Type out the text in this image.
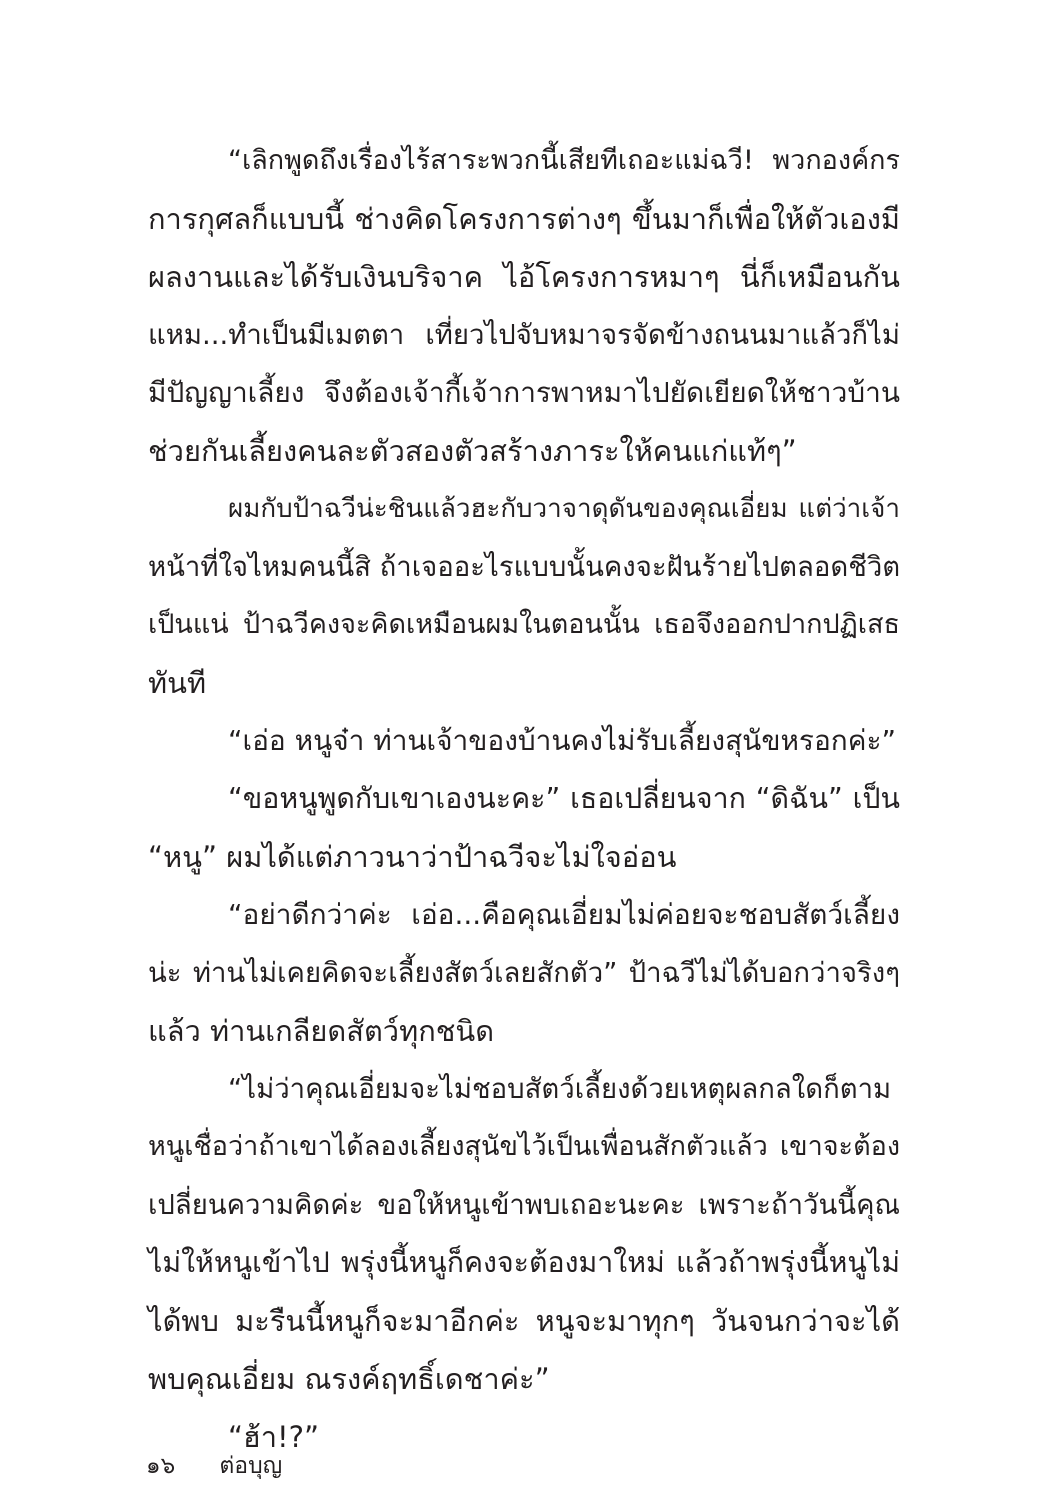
“เลิกพูดถึงเรื่องไร้สาระพวกนี้เสียทีเถอะแม่ฉวี! พวกองค์กร
การกุศลก็แบบนี้ ช่างคิดโครงการต่างๆ ขึ้นมาก็เพื่อให้ตัวเองมี
ผลงานและได้รับเงินบริจาค ไอ้โครงการหมาๆ นี่ก็เหมือนกัน
แหม...ทำเป็นมีเมตตา เที่ยวไปจับหมาจรจัดข้างถนนมาแล้วก็ไม่
มีปัญญาเลี้ยง จึงต้องเจ้ากี้เจ้าการพาหมาไปยัดเยียดให้ชาวบ้าน
ช่วยกันเลี้ยงคนละตัวสองตัวสร้างภาระให้คนแก่แท้ๆ”
ผมกับป้าฉวีน่ะชินแล้วฮะกับวาจาดุดันของคุณเอี่ยม แต่ว่าเจ้า
หน้าที่ใจไหมคนนี้สิ ถ้าเจออะไรแบบนั้นคงจะฝันร้ายไปตลอดชีวิต
เป็นแน่ ป้าฉวีคงจะคิดเหมือนผมในตอนนั้น เธอจึงออกปากปฏิเสธ
ทันที
“เอ่อ หนูจ๋า ท่านเจ้าของบ้านคงไม่รับเลี้ยงสุนัขหรอกค่ะ”
“ขอหนูพูดกับเขาเองนะคะ” เธอเปลี่ยนจาก “ดิฉัน” เป็น
“หนู” ผมได้แต่ภาวนาว่าป้าฉวีจะไม่ใจอ่อน
“อย่าดีกว่าค่ะ เอ่อ...คือคุณเอี่ยมไม่ค่อยจะชอบสัตว์เลี้ยง
น่ะ ท่านไม่เคยคิดจะเลี้ยงสัตว์เลยสักตัว” ป้าฉวีไม่ได้บอกว่าจริงๆ
แล้ว ท่านเกลียดสัตว์ทุกชนิด
“ไม่ว่าคุณเอี่ยมจะไม่ชอบสัตว์เลี้ยงด้วยเหตุผลกลใดก็ตาม
หนูเชื่อว่าถ้าเขาได้ลองเลี้ยงสุนัขไว้เป็นเพื่อนสักตัวแล้ว เขาจะต้อง
เปลี่ยนความคิดค่ะ ขอให้หนูเข้าพบเถอะนะคะ เพราะถ้าวันนี้คุณ
ไม่ให้หนูเข้าไป พรุ่งนี้หนูก็คงจะต้องมาใหม่ แล้วถ้าพรุ่งนี้หนูไม่
ได้พบ มะรืนนี้หนูก็จะมาอีกค่ะ หนูจะมาทุกๆ วันจนกว่าจะได้
พบคุณเอี่ยม ณรงค์ฤทธิ์เดชาค่ะ”
“ฮ้า!?”
๑๖ ต่อบุญ
